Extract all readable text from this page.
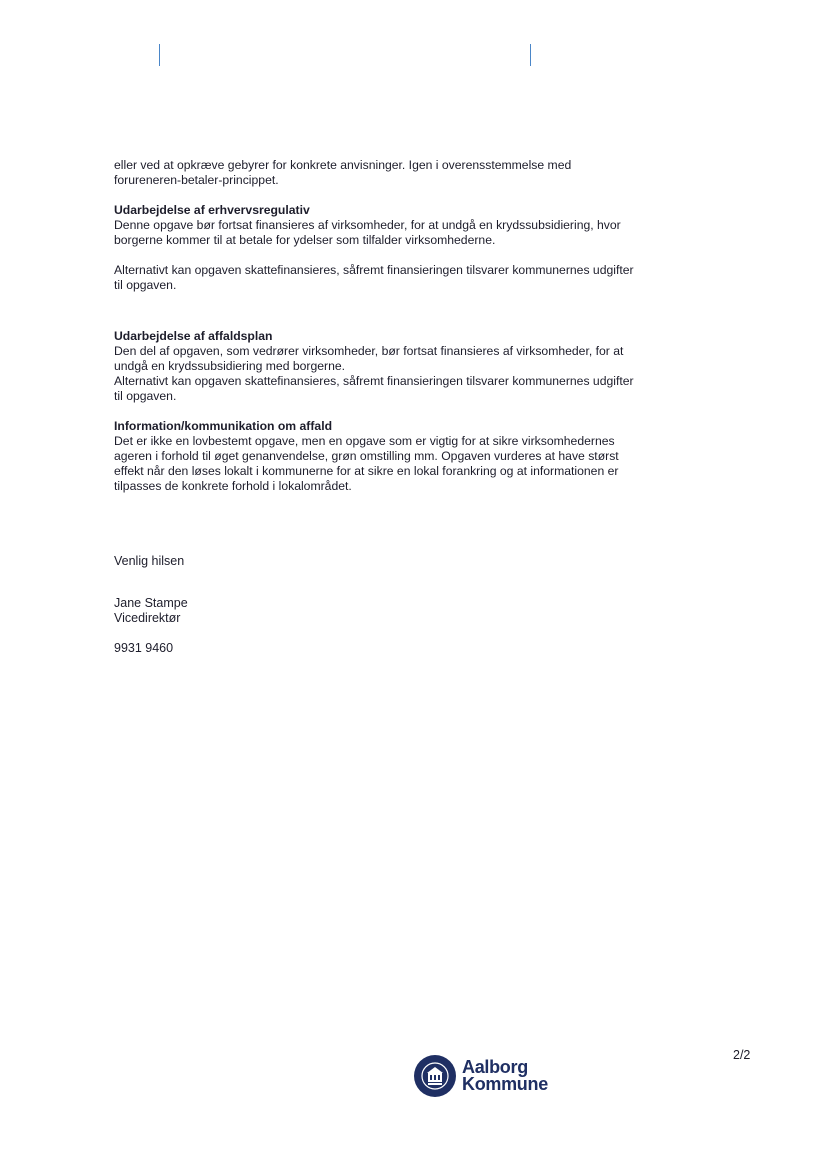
eller ved at opkræve gebyrer for konkrete anvisninger. Igen i overensstemmelse med forureneren-betaler-princippet.

Udarbejdelse af erhvervsregulativ

Denne opgave bør fortsat finansieres af virksomheder, for at undgå en krydssubsidiering, hvor borgerne kommer til at betale for ydelser som tilfalder virksomhederne.

Alternativt kan opgaven skattefinansieres, såfremt finansieringen tilsvarer kommunernes udgifter til opgaven.

Udarbejdelse af affaldsplan

Den del af opgaven, som vedrører virksomheder, bør fortsat finansieres af virksomheder, for at undgå en krydssubsidiering med borgerne.

Alternativt kan opgaven skattefinansieres, såfremt finansieringen tilsvarer kommunernes udgifter til opgaven.

Information/kommunikation om affald

Det er ikke en lovbestemt opgave, men en opgave som er vigtig for at sikre virksomhedernes ageren i forhold til øget genanvendelse, grøn omstilling mm. Opgaven vurderes at have størst effekt når den løses lokalt i kommunerne for at sikre en lokal forankring og at informationen er tilpasses de konkrete forhold i lokalområdet.

Venlig hilsen

Jane Stampe

Vicedirektør

9931 9460

Aalborg Kommune
2/2
